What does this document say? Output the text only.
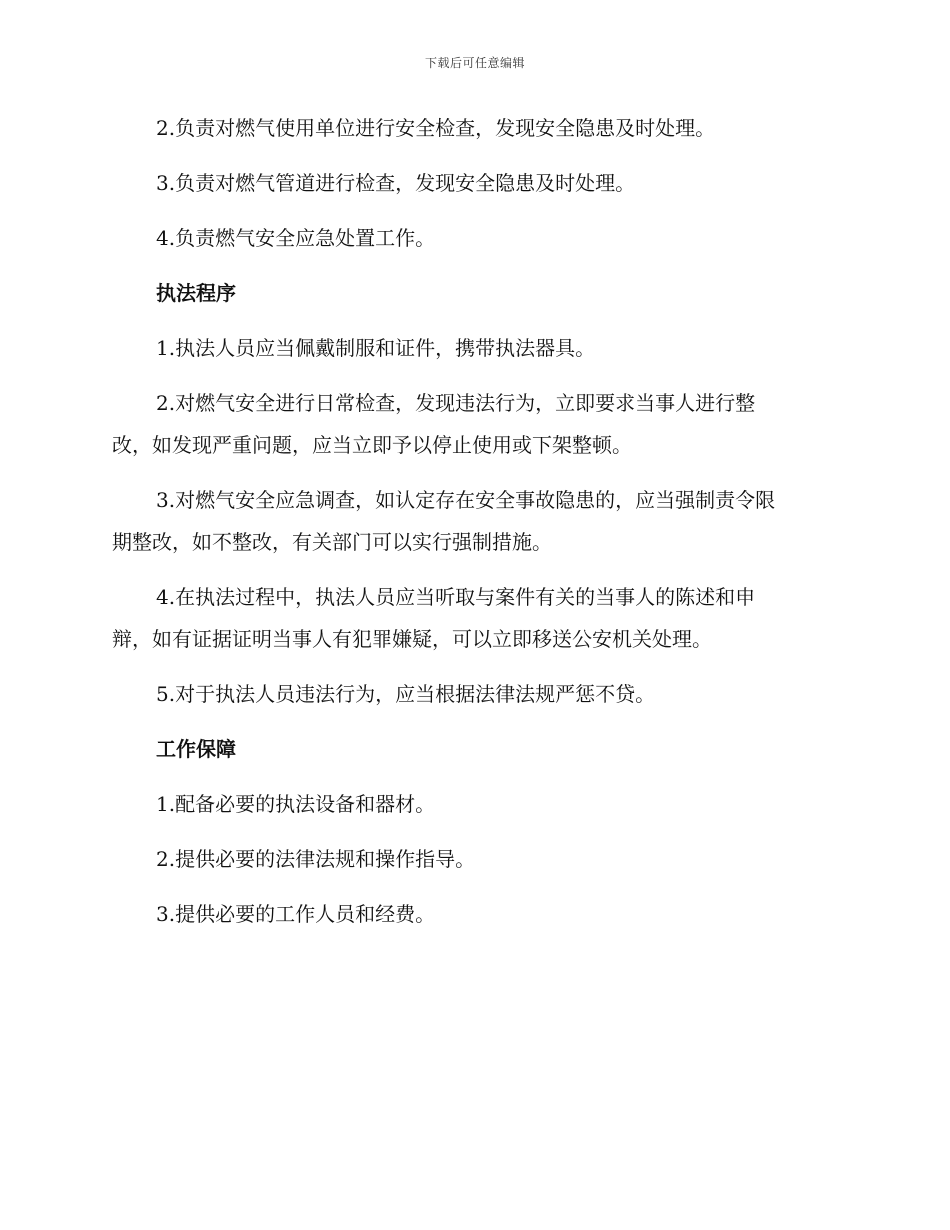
下载后可任意编辑
2.负责对燃气使用单位进行安全检查，发现安全隐患及时处理。
3.负责对燃气管道进行检查，发现安全隐患及时处理。
4.负责燃气安全应急处置工作。
执法程序
1.执法人员应当佩戴制服和证件，携带执法器具。
2.对燃气安全进行日常检查，发现违法行为，立即要求当事人进行整
改，如发现严重问题，应当立即予以停止使用或下架整顿。
3.对燃气安全应急调查，如认定存在安全事故隐患的，应当强制责令限
期整改，如不整改，有关部门可以实行强制措施。
4.在执法过程中，执法人员应当听取与案件有关的当事人的陈述和申
辩，如有证据证明当事人有犯罪嫌疑，可以立即移送公安机关处理。
5.对于执法人员违法行为，应当根据法律法规严惩不贷。
工作保障
1.配备必要的执法设备和器材。
2.提供必要的法律法规和操作指导。
3.提供必要的工作人员和经费。
